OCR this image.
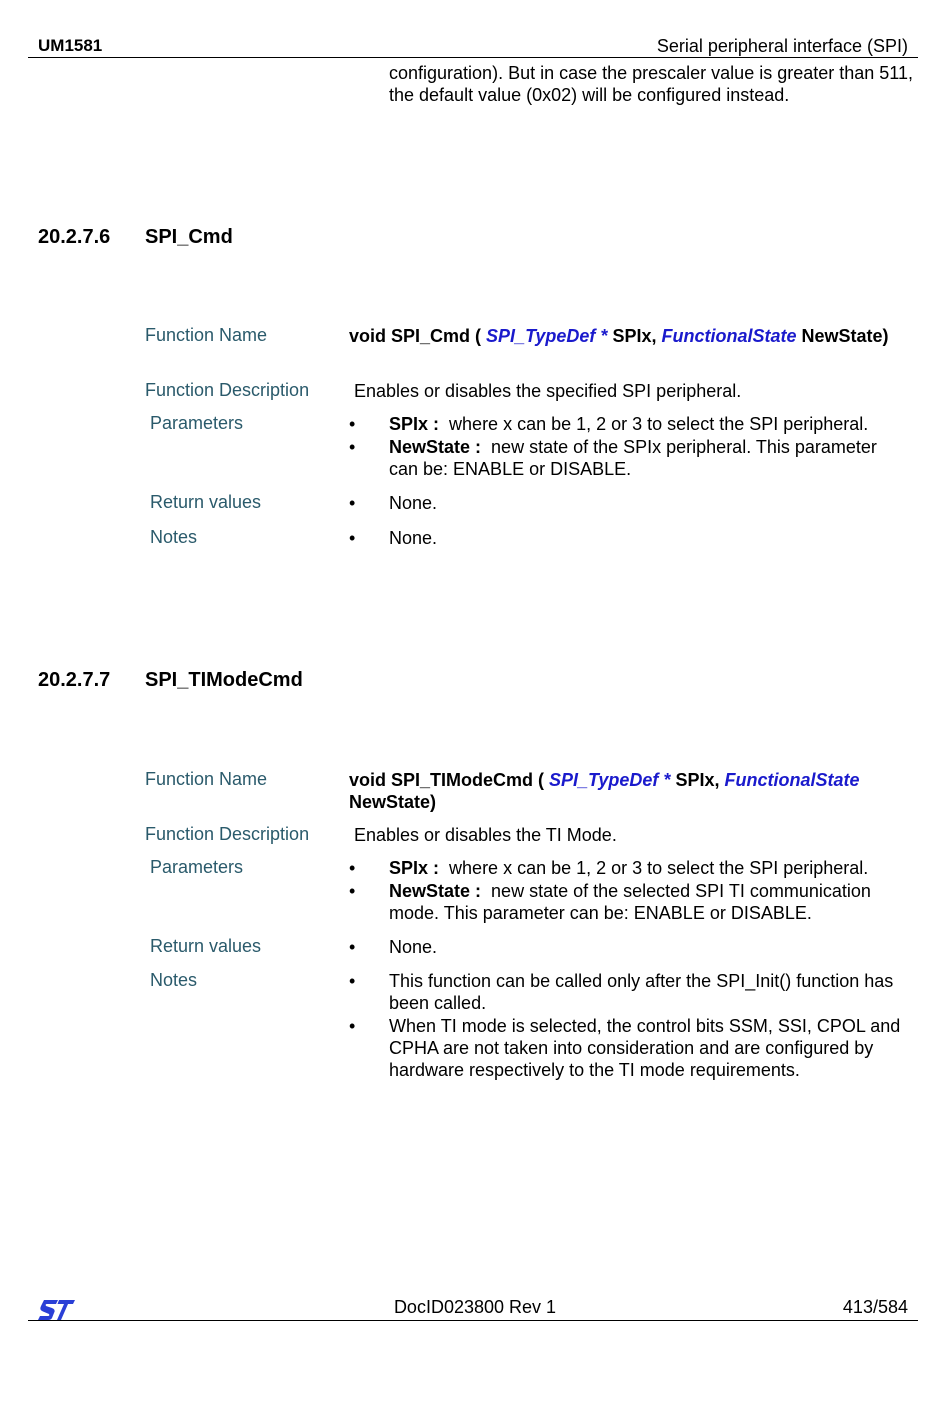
UM1581	Serial peripheral interface (SPI)
configuration). But in case the prescaler value is greater than 511, the default value (0x02) will be configured instead.
20.2.7.6 SPI_Cmd
Function Name	void SPI_Cmd ( SPI_TypeDef * SPIx, FunctionalState NewState)
Function Description Enables or disables the specified SPI peripheral.
Parameters	• SPIx : where x can be 1, 2 or 3 to select the SPI peripheral.
• NewState : new state of the SPIx peripheral. This parameter can be: ENABLE or DISABLE.
Return values	• None.
Notes	• None.
20.2.7.7 SPI_TIModeCmd
Function Name	void SPI_TIModeCmd ( SPI_TypeDef * SPIx, FunctionalState NewState)
Function Description Enables or disables the TI Mode.
Parameters	• SPIx : where x can be 1, 2 or 3 to select the SPI peripheral.
• NewState : new state of the selected SPI TI communication mode. This parameter can be: ENABLE or DISABLE.
Return values	• None.
Notes	• This function can be called only after the SPI_Init() function has been called.
• When TI mode is selected, the control bits SSM, SSI, CPOL and CPHA are not taken into consideration and are configured by hardware respectively to the TI mode requirements.
DocID023800 Rev 1	413/584
